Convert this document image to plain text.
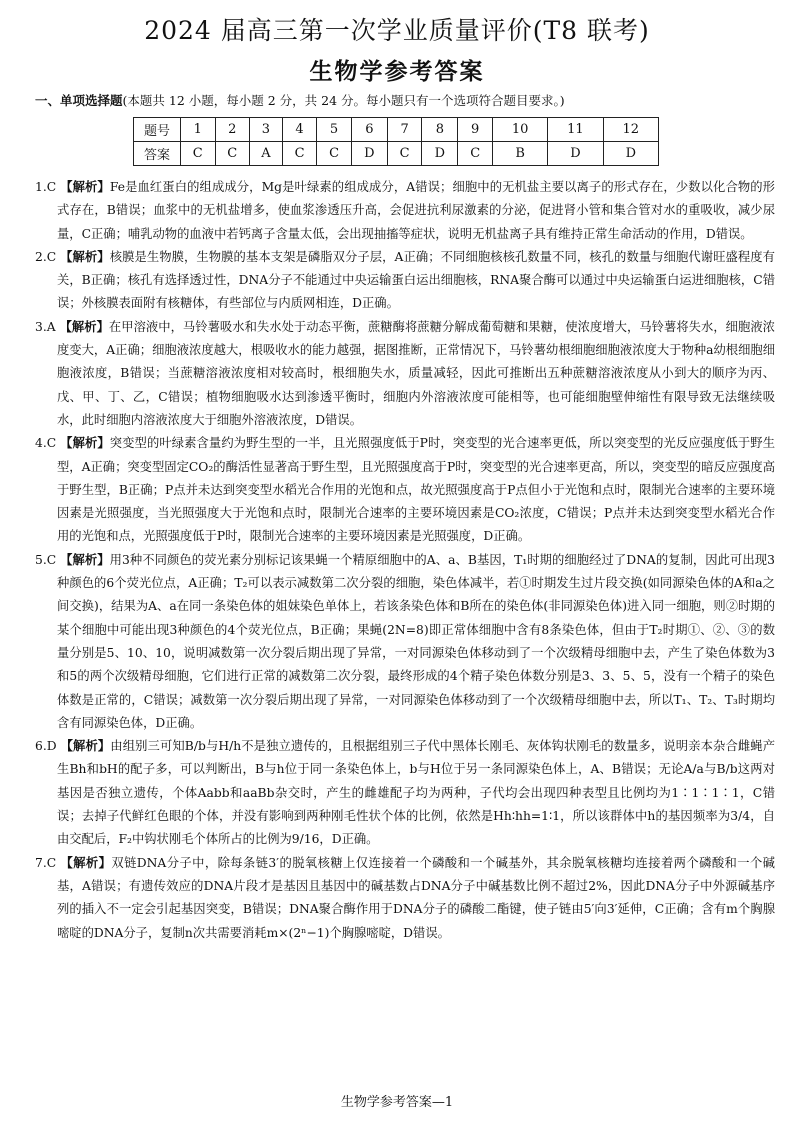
2024 届高三第一次学业质量评价(T8 联考)
生物学参考答案
一、单项选择题(本题共 12 小题，每小题 2 分，共 24 分。每小题只有一个选项符合题目要求。)
题号	1	2	3	4	5	6	7	8	9	10	11	12
答案	C	C	A	C	C	D	C	D	C	B	D	D

1.C 【解析】Fe是血红蛋白的组成成分，Mg是叶绿素的组成成分，A错误；细胞中的无机盐主要以离子的形式存在，少数以化合物的形式存在，B错误；血浆中的无机盐增多，使血浆渗透压升高，会促进抗利尿激素的分泌，促进肾小管和集合管对水的重吸收，减少尿量，C正确；哺乳动物的血液中若钙离子含量太低，会出现抽搐等症状，说明无机盐离子具有维持正常生命活动的作用，D错误。

2.C 【解析】核膜是生物膜，生物膜的基本支架是磷脂双分子层，A正确；不同细胞核核孔数量不同，核孔的数量与细胞代谢旺盛程度有关，B正确；核孔有选择透过性，DNA分子不能通过中央运输蛋白运出细胞核，RNA聚合酶可以通过中央运输蛋白运进细胞核，C错误；外核膜表面附有核糖体，有些部位与内质网相连，D正确。

3.A 【解析】在甲溶液中，马铃薯吸水和失水处于动态平衡，蔗糖酶将蔗糖分解成葡萄糖和果糖，使浓度增大，马铃薯将失水，细胞液浓度变大，A正确；细胞液浓度越大，根吸收水的能力越强，据图推断，正常情况下，马铃薯幼根细胞细胞液浓度大于物种a幼根细胞细胞液浓度，B错误；当蔗糖溶液浓度相对较高时，根细胞失水，质量减轻，因此可推断出五种蔗糖溶液浓度从小到大的顺序为丙、戊、甲、丁、乙，C错误；植物细胞吸水达到渗透平衡时，细胞内外溶液浓度可能相等，也可能细胞壁伸缩性有限导致无法继续吸水，此时细胞内溶液浓度大于细胞外溶液浓度，D错误。

4.C 【解析】突变型的叶绿素含量约为野生型的一半，且光照强度低于P时，突变型的光合速率更低，所以突变型的光反应强度低于野生型，A正确；突变型固定CO₂的酶活性显著高于野生型，且光照强度高于P时，突变型的光合速率更高，所以，突变型的暗反应强度高于野生型，B正确；P点并未达到突变型水稻光合作用的光饱和点，故光照强度高于P点但小于光饱和点时，限制光合速率的主要环境因素是光照强度，当光照强度大于光饱和点时，限制光合速率的主要环境因素是CO₂浓度，C错误；P点并未达到突变型水稻光合作用的光饱和点，光照强度低于P时，限制光合速率的主要环境因素是光照强度，D正确。

5.C 【解析】用3种不同颜色的荧光素分别标记该果蝇一个精原细胞中的A、a、B基因，T₁时期的细胞经过了DNA的复制，因此可出现3种颜色的6个荧光位点，A正确；T₂可以表示减数第二次分裂的细胞，染色体减半，若①时期发生过片段交换(如同源染色体的A和a之间交换)，结果为A、a在同一条染色体的姐妹染色单体上，若该条染色体和B所在的染色体(非同源染色体)进入同一细胞，则②时期的某个细胞中可能出现3种颜色的4个荧光位点，B正确；果蝇(2N=8)即正常体细胞中含有8条染色体，但由于T₂时期①、②、③的数量分别是5、10、10，说明减数第一次分裂后期出现了异常，一对同源染色体移动到了一个次级精母细胞中去，产生了染色体数为3和5的两个次级精母细胞，它们进行正常的减数第二次分裂，最终形成的4个精子染色体数分别是3、3、5、5，没有一个精子的染色体数是正常的，C错误；减数第一次分裂后期出现了异常，一对同源染色体移动到了一个次级精母细胞中去，所以T₁、T₂、T₃时期均含有同源染色体，D正确。

6.D 【解析】由组别三可知B/b与H/h不是独立遗传的，且根据组别三子代中黑体长刚毛、灰体钩状刚毛的数量多，说明亲本杂合雌蝇产生Bh和bH的配子多，可以判断出，B与h位于同一条染色体上，b与H位于另一条同源染色体上，A、B错误；无论A/a与B/b这两对基因是否独立遗传，个体Aabb和aaBb杂交时，产生的雌雄配子均为两种，子代均会出现四种表型且比例均为1∶1∶1∶1，C错误；去掉子代鲜红色眼的个体，并没有影响到两种刚毛性状个体的比例，依然是Hh∶hh=1∶1，所以该群体中h的基因频率为3/4，自由交配后，F₂中钩状刚毛个体所占的比例为9/16，D正确。

7.C 【解析】双链DNA分子中，除每条链3′的脱氧核糖上仅连接着一个磷酸和一个碱基外，其余脱氧核糖均连接着两个磷酸和一个碱基，A错误；有遗传效应的DNA片段才是基因且基因中的碱基数占DNA分子中碱基数比例不超过2%，因此DNA分子中外源碱基序列的插入不一定会引起基因突变，B错误；DNA聚合酶作用于DNA分子的磷酸二酯键，使子链由5′向3′延伸，C正确；含有m个胸腺嘧啶的DNA分子，复制n次共需要消耗m×(2ⁿ−1)个胸腺嘧啶，D错误。

生物学参考答案—1
